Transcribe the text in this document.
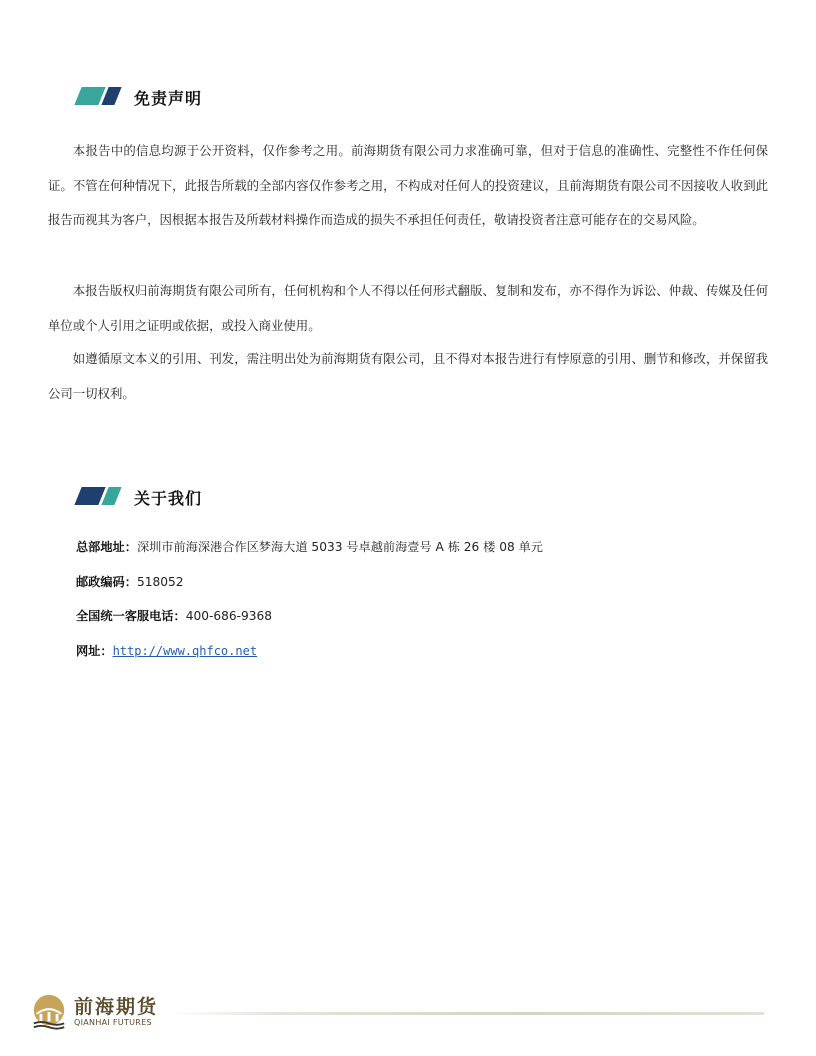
免责声明

本报告中的信息均源于公开资料，仅作参考之用。前海期货有限公司力求准确可靠，但对于信息的准确性、完整性不作任何保证。不管在何种情况下，此报告所载的全部内容仅作参考之用，不构成对任何人的投资建议，且前海期货有限公司不因接收人收到此报告而视其为客户，因根据本报告及所载材料操作而造成的损失不承担任何责任，敬请投资者注意可能存在的交易风险。

本报告版权归前海期货有限公司所有，任何机构和个人不得以任何形式翻版、复制和发布，亦不得作为诉讼、仲裁、传媒及任何单位或个人引用之证明或依据，或投入商业使用。

如遵循原文本义的引用、刊发，需注明出处为前海期货有限公司，且不得对本报告进行有悖原意的引用、删节和修改，并保留我公司一切权利。

关于我们
总部地址：深圳市前海深港合作区梦海大道 5033 号卓越前海壹号 A 栋 26 楼 08 单元
邮政编码：518052
全国统一客服电话：400-686-9368
网址：http://www.qhfco.net
前海期货
QIANHAI FUTURES
